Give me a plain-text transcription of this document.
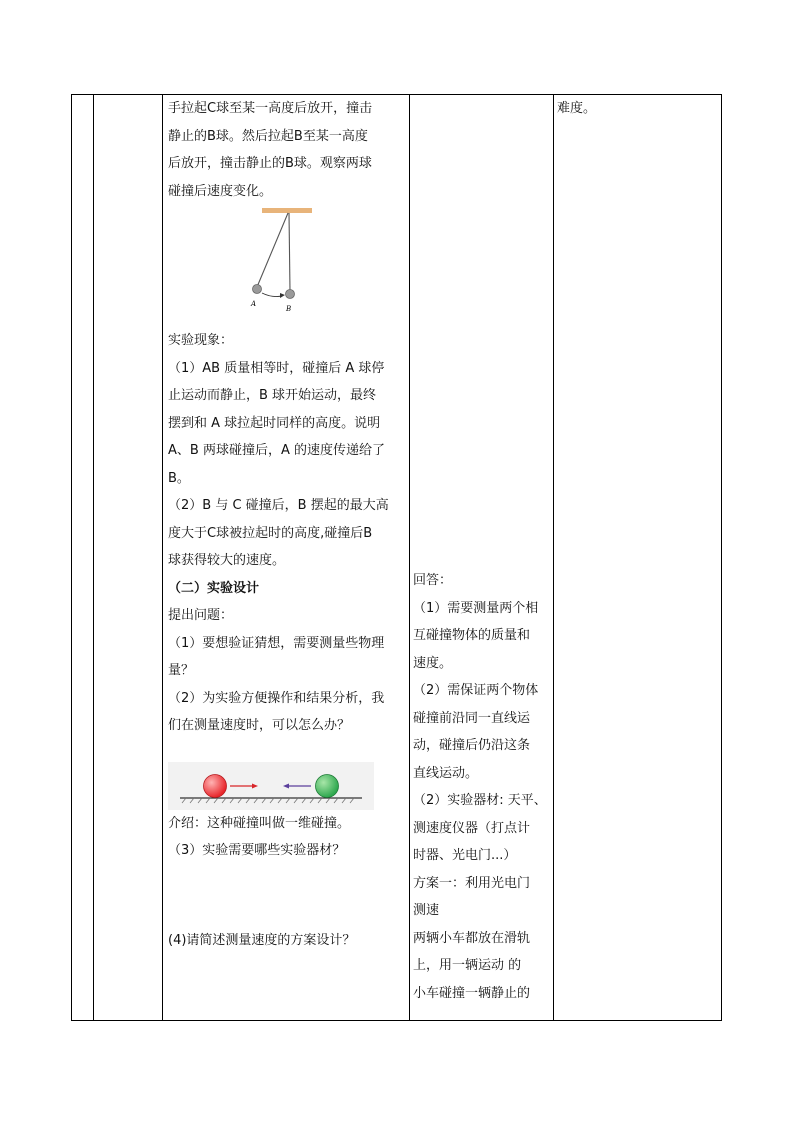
手拉起C球至某一高度后放开，撞击

静止的B球。然后拉起B至某一高度

后放开，撞击静止的B球。观察两球

碰撞后速度变化。

A
B

实验现象：

（1）AB 质量相等时，碰撞后 A 球停

止运动而静止，B 球开始运动，最终

摆到和 A 球拉起时同样的高度。说明

A、B 两球碰撞后，A 的速度传递给了

B。

（2）B 与 C 碰撞后，B 摆起的最大高

度大于C球被拉起时的高度,碰撞后B

球获得较大的速度。

（二）实验设计

提出问题：

（1）要想验证猜想，需要测量些物理

量？

（2）为实验方便操作和结果分析，我

们在测量速度时，可以怎么办？

介绍：这种碰撞叫做一维碰撞。

（3）实验需要哪些实验器材？

(4)请简述测量速度的方案设计？

回答：

（1）需要测量两个相

互碰撞物体的质量和

速度。

（2）需保证两个物体

碰撞前沿同一直线运

动，碰撞后仍沿这条

直线运动。

（2）实验器材: 天平、

测速度仪器（打点计

时器、光电门...）

方案一：利用光电门

测速

两辆小车都放在滑轨

上，用一辆运动 的

小车碰撞一辆静止的

难度。
